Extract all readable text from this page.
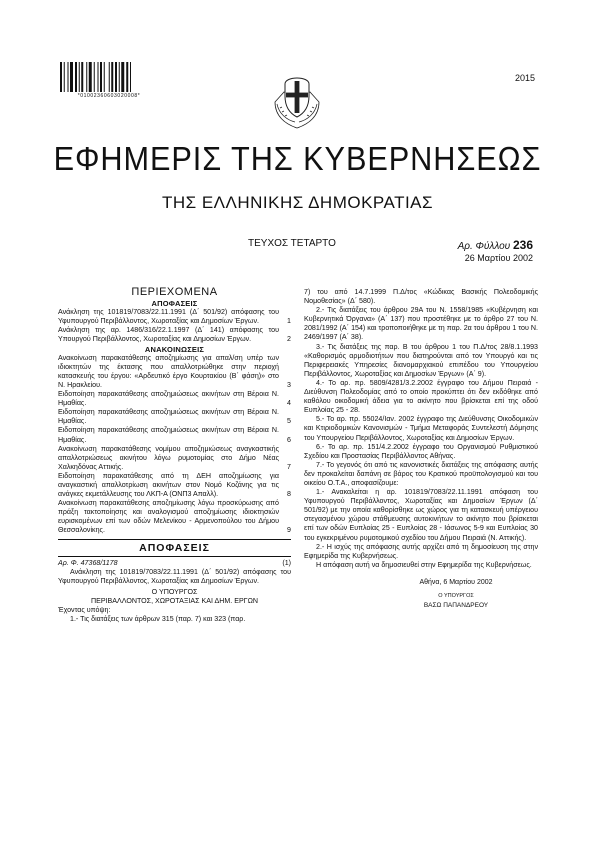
*01002360603020008*
2015
ΕΦΗΜΕΡΙΣ ΤΗΣ ΚΥΒΕΡΝΗΣΕΩΣ
ΤΗΣ ΕΛΛΗΝΙΚΗΣ ΔΗΜΟΚΡΑΤΙΑΣ
ΤΕΥΧΟΣ ΤΕΤΑΡΤΟ	Αρ. Φύλλου 236
26 Μαρτίου 2002
ΠΕΡΙΕΧΟΜΕΝΑ
ΑΠΟΦΑΣΕΙΣ
Ανάκληση της 101819/7083/22.11.1991 (Δ΄ 501/92) απόφασης του Υφυπουργού Περιβάλλοντος, Χωροταξίας και Δημοσίων Έργων.	1
Ανάκληση της αρ. 1486/316/22.1.1997 (Δ΄ 141) απόφασης του Υπουργού Περιβάλλοντος, Χωροταξίας και Δημοσίων Έργων.	2
ΑΝΑΚΟΙΝΩΣΕΙΣ
Ανακοίνωση παρακατάθεσης αποζημίωσης για απαλ/ση υπέρ των ιδιοκτητών της έκτασης που απαλλοτριώθηκε στην περιοχή κατασκευής του έργου: «Αρδευτικό έργο Κουρτακίου (Β΄ φάση)» στο Ν. Ηρακλείου.	3
Ειδοποίηση παρακατάθεσης αποζημιώσεως ακινήτων στη Βέροια Ν. Ημαθίας.	4
Ειδοποίηση παρακατάθεσης αποζημιώσεως ακινήτων στη Βέροια Ν. Ημαθίας.	5
Ειδοποίηση παρακατάθεσης αποζημιώσεως ακινήτων στη Βέροια Ν. Ημαθίας.	6
Ανακοίνωση παρακατάθεσης νομίμου αποζημιώσεως αναγκαστικής απαλλοτριώσεως ακινήτου λόγω ρυμοτομίας στο Δήμο Νέας Χαλκηδόνας Αττικής.	7
Ειδοποίηση παρακατάθεσης από τη ΔΕΗ αποζημίωσης για αναγκαστική απαλλοτρίωση ακινήτων στον Νομό Κοζάνης για τις ανάγκες εκμετάλλευσης του ΛΚΠ-Α (ΟΝΠ3 Απαλλ).	8
Ανακοίνωση παρακατάθεσης αποζημίωσης λόγω προσκύρωσης από πράξη τακτοποίησης και αναλογισμού αποζημίωσης ιδιοκτησιών ευρισκομένων επί των οδών Μελενίκου - Αρμενοπούλου του Δήμου Θεσσαλονίκης.	9
ΑΠΟΦΑΣΕΙΣ
Αρ. Φ. 47368/1178	(1)

Ανάκληση της 101819/7083/22.11.1991 (Δ΄ 501/92) απόφασης του Υφυπουργού Περιβάλλοντος, Χωροταξίας και Δημοσίων Έργων.

Ο ΥΠΟΥΡΓΟΣ
ΠΕΡΙΒΑΛΛΟΝΤΟΣ, ΧΩΡΟΤΑΞΙΑΣ ΚΑΙ ΔΗΜ. ΕΡΓΩΝ

Έχοντας υπόψη:

1.- Τις διατάξεις των άρθρων 315 (παρ. 7) και 323 (παρ.

7) του από 14.7.1999 Π.Δ/τος «Κώδικας Βασικής Πολεοδομικής Νομοθεσίας» (Δ΄ 580).

2.- Τις διατάξεις του άρθρου 29Α του Ν. 1558/1985 «Κυβέρνηση και Κυβερνητικά Όργανα» (Α΄ 137) που προστέθηκε με το άρθρο 27 του Ν. 2081/1992 (Α΄ 154) και τροποποιήθηκε με τη παρ. 2α του άρθρου 1 του Ν. 2469/1997 (Α΄ 38).

3.- Τις διατάξεις της παρ. Β του άρθρου 1 του Π.Δ/τος 28/8.1.1993 «Καθορισμός αρμοδιοτήτων που διατηρούνται από τον Υπουργό και τις Περιφερειακές Υπηρεσίες διανομαρχιακού επιπέδου του Υπουργείου Περιβάλλοντος, Χωροταξίας και Δημοσίων Έργων» (Α΄ 9).

4.- Το αρ. πρ. 5809/4281/3.2.2002 έγγραφο του Δήμου Πειραιά - Διεύθυνση Πολεοδομίας από το οποίο προκύπτει ότι δεν εκδόθηκε από καθόλου οικοδομική άδεια για το ακίνητο που βρίσκεται επί της οδού Ευπλοίας 25 - 28.

5.- Το αρ. πρ. 55024/Ιαν. 2002 έγγραφο της Διεύθυνσης Οικοδομικών και Κτιριοδομικών Κανονισμών - Τμήμα Μεταφοράς Συντελεστή Δόμησης του Υπουργείου Περιβάλλοντος, Χωροταξίας και Δημοσίων Έργων.

6.- Το αρ. πρ. 151/4.2.2002 έγγραφο του Οργανισμού Ρυθμιστικού Σχεδίου και Προστασίας Περιβάλλοντος Αθήνας.

7.- Το γεγονός ότι από τις κανονιστικές διατάξεις της απόφασης αυτής δεν προκαλείται δαπάνη σε βάρος του Κρατικού προϋπολογισμού και του οικείου Ο.Τ.Α., αποφασίζουμε:

1.- Ανακαλείται η αρ. 101819/7083/22.11.1991 απόφαση του Υφυπουργού Περιβάλλοντος, Χωροταξίας και Δημοσίων Έργων (Δ΄ 501/92) με την οποία καθορίσθηκε ως χώρος για τη κατασκευή υπέργειου στεγασμένου χώρου στάθμευσης αυτοκινήτων το ακίνητο που βρίσκεται επί των οδών Ευπλοίας 25 - Ευπλοίας 28 - Ιάσωνος 5-9 και Ευπλοίας 30 του εγκεκριμένου ρυμοτομικού σχεδίου του Δήμου Πειραιά (Ν. Αττικής).

2.- Η ισχύς της απόφασης αυτής αρχίζει από τη δημοσίευση της στην Εφημερίδα της Κυβερνήσεως.

Η απόφαση αυτή να δημοσιευθεί στην Εφημερίδα της Κυβερνήσεως.

Αθήνα, 6 Μαρτίου 2002
Ο ΥΠΟΥΡΓΟΣ
ΒΑΣΩ ΠΑΠΑΝΔΡΕΟΥ
